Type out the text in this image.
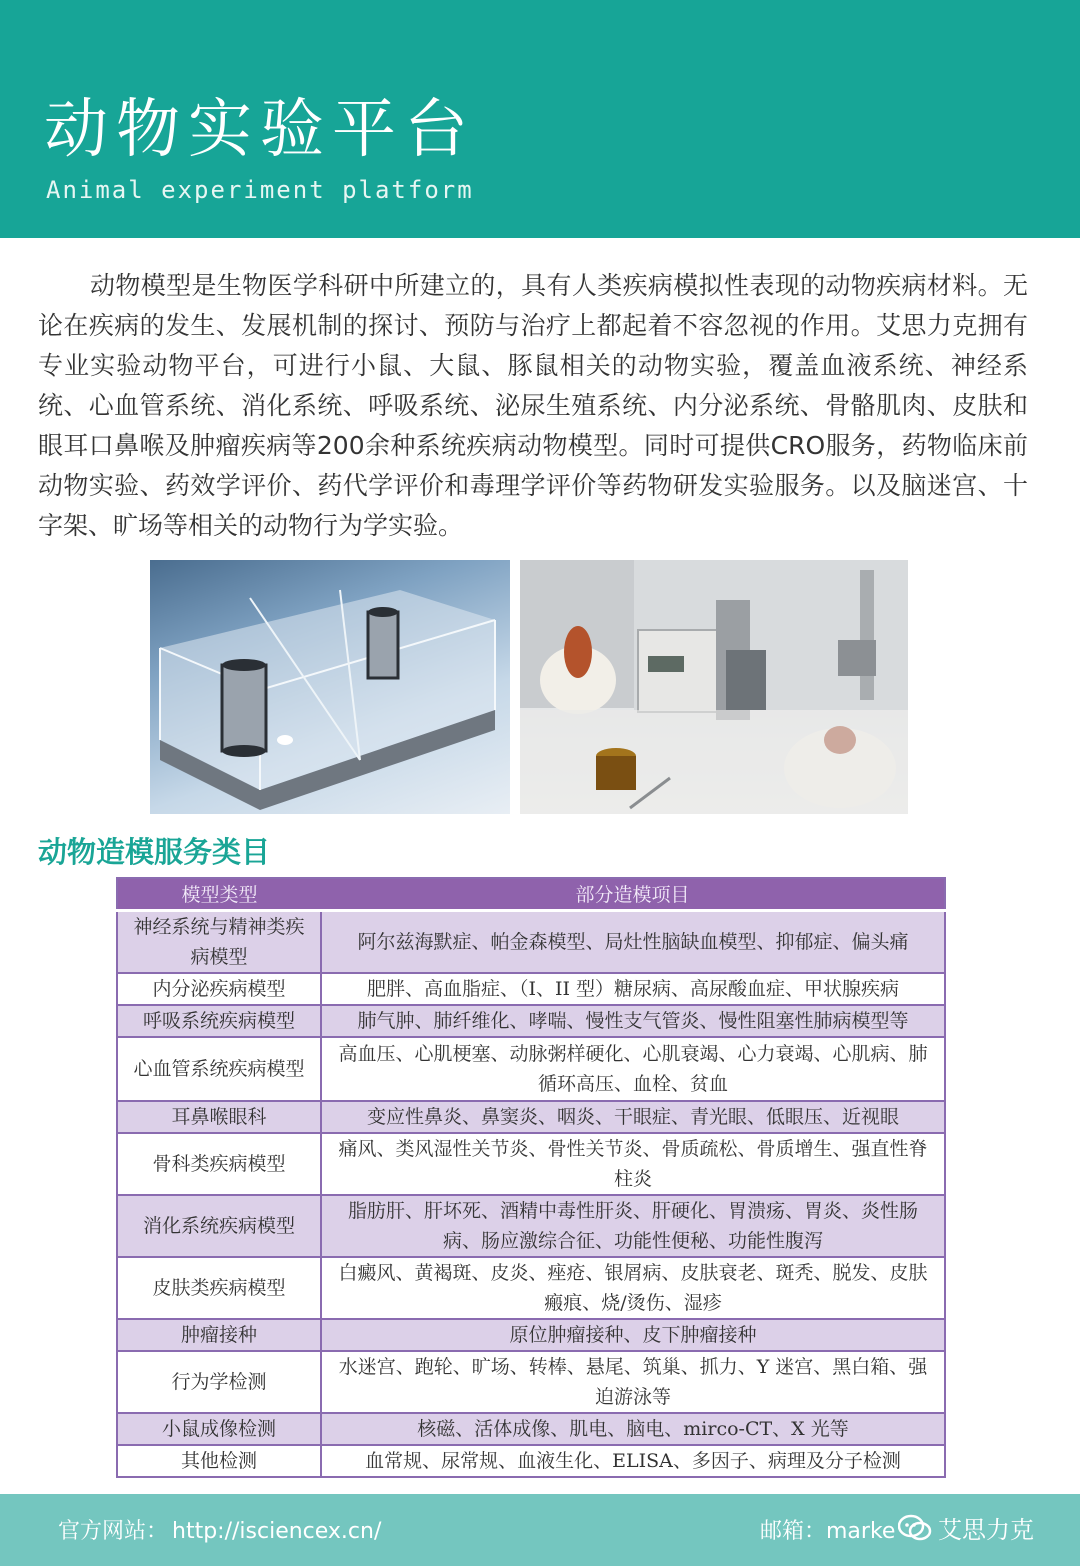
动物实验平台
Animal experiment platform

动物模型是生物医学科研中所建立的，具有人类疾病模拟性表现的动物疾病材料。无论在疾病的发生、发展机制的探讨、预防与治疗上都起着不容忽视的作用。艾思力克拥有专业实验动物平台，可进行小鼠、大鼠、豚鼠相关的动物实验，覆盖血液系统、神经系统、心血管系统、消化系统、呼吸系统、泌尿生殖系统、内分泌系统、骨骼肌肉、皮肤和眼耳口鼻喉及肿瘤疾病等200余种系统疾病动物模型。同时可提供CRO服务，药物临床前动物实验、药效学评价、药代学评价和毒理学评价等药物研发实验服务。以及脑迷宫、十字架、旷场等相关的动物行为学实验。

动物造模服务类目
模型类型	部分造模项目
神经系统与精神类疾病模型	阿尔兹海默症、帕金森模型、局灶性脑缺血模型、抑郁症、偏头痛
内分泌疾病模型	肥胖、高血脂症、（I、II 型）糖尿病、高尿酸血症、甲状腺疾病
呼吸系统疾病模型	肺气肿、肺纤维化、哮喘、慢性支气管炎、慢性阻塞性肺病模型等
心血管系统疾病模型	高血压、心肌梗塞、动脉粥样硬化、心肌衰竭、心力衰竭、心肌病、肺循环高压、血栓、贫血
耳鼻喉眼科	变应性鼻炎、鼻窦炎、咽炎、干眼症、青光眼、低眼压、近视眼
骨科类疾病模型	痛风、类风湿性关节炎、骨性关节炎、骨质疏松、骨质增生、强直性脊柱炎
消化系统疾病模型	脂肪肝、肝坏死、酒精中毒性肝炎、肝硬化、胃溃疡、胃炎、炎性肠病、肠应激综合征、功能性便秘、功能性腹泻
皮肤类疾病模型	白癜风、黄褐斑、皮炎、痤疮、银屑病、皮肤衰老、斑秃、脱发、皮肤瘢痕、烧/烫伤、湿疹
肿瘤接种	原位肿瘤接种、皮下肿瘤接种
行为学检测	水迷宫、跑轮、旷场、转棒、悬尾、筑巢、抓力、Y 迷宫、黑白箱、强迫游泳等
小鼠成像检测	核磁、活体成像、肌电、脑电、mirco-CT、X 光等
其他检测	血常规、尿常规、血液生化、ELISA、多因子、病理及分子检测
官方网站： http://isciencex.cn/	邮箱：marke 艾思力克
